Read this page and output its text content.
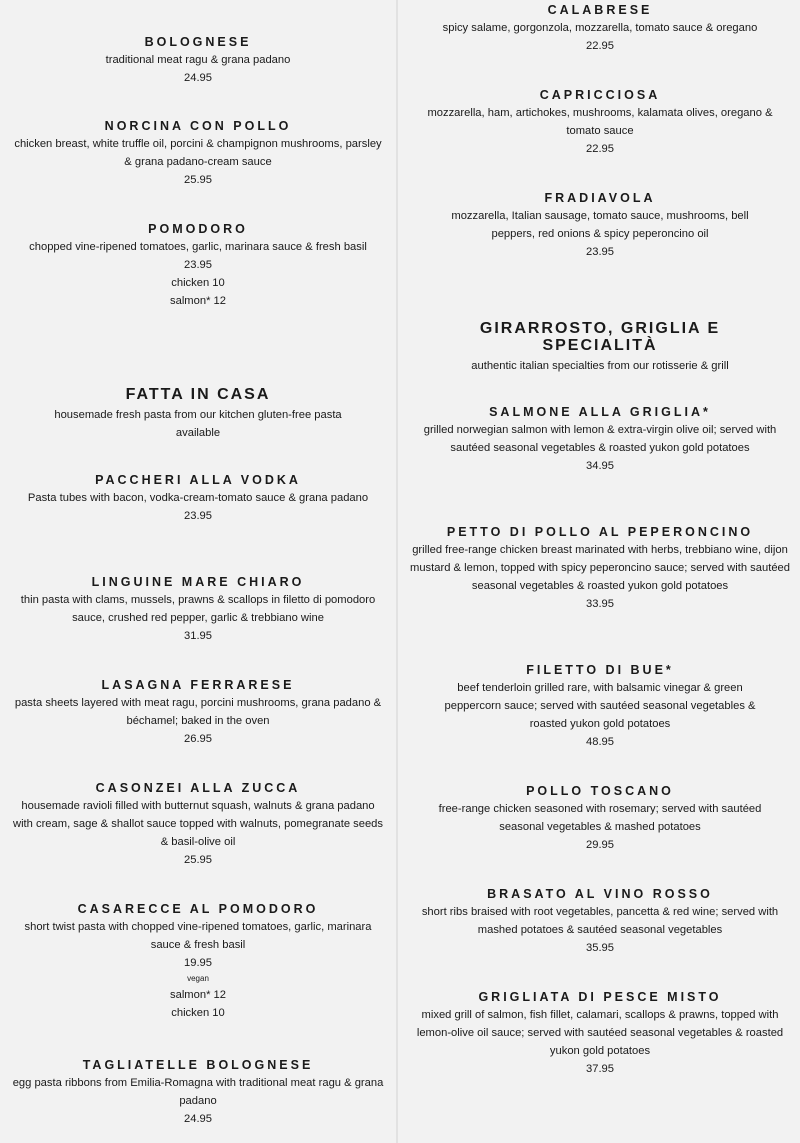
BOLOGNESE

traditional meat ragu & grana padano

24.95

NORCINA CON POLLO

chicken breast, white truffle oil, porcini & champignon mushrooms, parsley & grana padano-cream sauce

25.95

POMODORO

chopped vine-ripened tomatoes, garlic, marinara sauce & fresh basil

23.95

chicken 10

salmon* 12

FATTA IN CASA

housemade fresh pasta from our kitchen gluten-free pasta available

PACCHERI ALLA VODKA

Pasta tubes with bacon, vodka-cream-tomato sauce & grana padano

23.95

LINGUINE MARE CHIARO

thin pasta with clams, mussels, prawns & scallops in filetto di pomodoro sauce, crushed red pepper, garlic & trebbiano wine

31.95

LASAGNA FERRARESE

pasta sheets layered with meat ragu, porcini mushrooms, grana padano & béchamel; baked in the oven

26.95

CASONZEI ALLA ZUCCA

housemade ravioli filled with butternut squash, walnuts & grana padano with cream, sage & shallot sauce topped with walnuts, pomegranate seeds & basil-olive oil

25.95

CASARECCE AL POMODORO

short twist pasta with chopped vine-ripened tomatoes, garlic, marinara sauce & fresh basil

19.95

vegan

salmon* 12

chicken 10

TAGLIATELLE BOLOGNESE

egg pasta ribbons from Emilia-Romagna with traditional meat ragu & grana padano

24.95

CALABRESE

spicy salame, gorgonzola, mozzarella, tomato sauce & oregano

22.95

CAPRICCIOSA

mozzarella, ham, artichokes, mushrooms, kalamata olives, oregano & tomato sauce

22.95

FRADIAVOLA

mozzarella, Italian sausage, tomato sauce, mushrooms, bell peppers, red onions & spicy peperoncino oil

23.95

GIRARROSTO, GRIGLIA E SPECIALITÀ

authentic italian specialties from our rotisserie & grill

SALMONE ALLA GRIGLIA*

grilled norwegian salmon with lemon & extra-virgin olive oil; served with sautéed seasonal vegetables & roasted yukon gold potatoes

34.95

PETTO DI POLLO AL PEPERONCINO

grilled free-range chicken breast marinated with herbs, trebbiano wine, dijon mustard & lemon, topped with spicy peperoncino sauce; served with sautéed seasonal vegetables & roasted yukon gold potatoes

33.95

FILETTO DI BUE*

beef tenderloin grilled rare, with balsamic vinegar & green peppercorn sauce; served with sautéed seasonal vegetables & roasted yukon gold potatoes

48.95

POLLO TOSCANO

free-range chicken seasoned with rosemary; served with sautéed seasonal vegetables & mashed potatoes

29.95

BRASATO AL VINO ROSSO

short ribs braised with root vegetables, pancetta & red wine; served with mashed potatoes & sautéed seasonal vegetables

35.95

GRIGLIATA DI PESCE MISTO

mixed grill of salmon, fish fillet, calamari, scallops & prawns, topped with lemon-olive oil sauce; served with sautéed seasonal vegetables & roasted yukon gold potatoes

37.95
